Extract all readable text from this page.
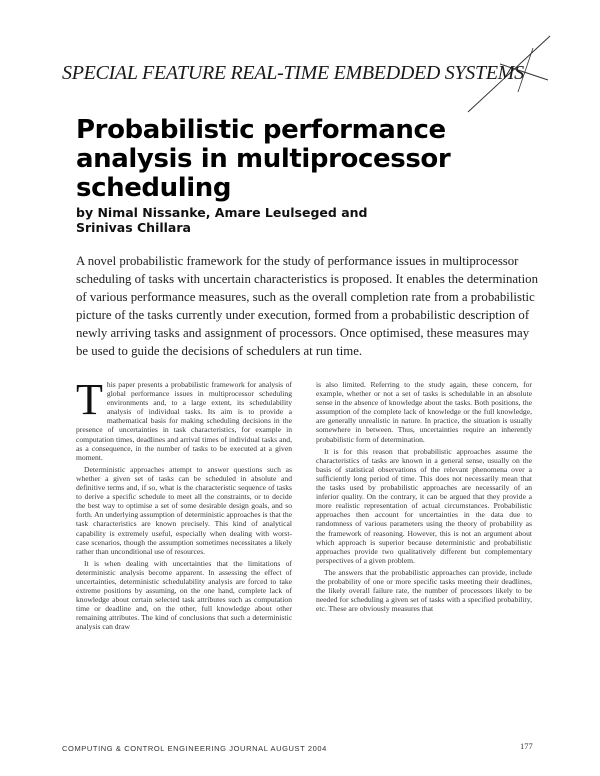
SPECIAL FEATURE REAL-TIME EMBEDDED SYSTEMS
Probabilistic performance analysis in multiprocessor scheduling
by Nimal Nissanke, Amare Leulseged and
Srinivas Chillara
A novel probabilistic framework for the study of performance issues in multiprocessor scheduling of tasks with uncertain characteristics is proposed. It enables the determination of various performance measures, such as the overall completion rate from a probabilistic picture of the tasks currently under execution, formed from a probabilistic description of newly arriving tasks and assignment of processors. Once optimised, these measures may be used to guide the decisions of schedulers at run time.

This paper presents a probabilistic framework for analysis of global performance issues in multiprocessor scheduling environments and, to a large extent, its schedulability analysis of individual tasks. Its aim is to provide a mathematical basis for making scheduling decisions in the presence of uncertainties in task characteristics, for example in computation times, deadlines and arrival times of individual tasks and, as a consequence, in the number of tasks to be executed at a given moment.

Deterministic approaches attempt to answer questions such as whether a given set of tasks can be scheduled in absolute and definitive terms and, if so, what is the characteristic sequence of tasks to derive a specific schedule to meet all the constraints, or to decide the best way to optimise a set of some desirable design goals, and so forth. An underlying assumption of deterministic approaches is that the task characteristics are known precisely. This kind of analytical capability is extremely useful, especially when dealing with worst-case scenarios, though the assumption sometimes necessitates a likely rather than unconditional use of resources.

It is when dealing with uncertainties that the limitations of deterministic analysis become apparent. In assessing the effect of uncertainties, deterministic schedulability analysis are forced to take extreme positions by assuming, on the one hand, complete lack of knowledge about certain selected task attributes such as computation time or deadline and, on the other, full knowledge about other remaining attributes. The kind of conclusions that such a deterministic analysis can draw

is also limited. Referring to the study again, these concern, for example, whether or not a set of tasks is schedulable in an absolute sense in the absence of knowledge about the tasks. Both positions, the assumption of the complete lack of knowledge or the full knowledge, are generally unrealistic in nature. In practice, the situation is usually somewhere in between. Thus, uncertainties require an inherently probabilistic form of determination.

It is for this reason that probabilistic approaches assume the characteristics of tasks are known in a general sense, usually on the basis of statistical observations of the relevant phenomena over a sufficiently long period of time. This does not necessarily mean that the tasks used by probabilistic approaches are necessarily of an inferior quality. On the contrary, it can be argued that they provide a more realistic representation of actual circumstances. Probabilistic approaches then account for uncertainties in the data due to randomness of various parameters using the theory of probability as the framework of reasoning. However, this is not an argument about which approach is superior because deterministic and probabilistic approaches provide two qualitatively different but complementary perspectives of a given problem.

The answers that the probabilistic approaches can provide, include the probability of one or more specific tasks meeting their deadlines, the likely overall failure rate, the number of processors likely to be needed for scheduling a given set of tasks with a specified probability, etc. These are obviously measures that

COMPUTING & CONTROL ENGINEERING JOURNAL AUGUST 2004	177
